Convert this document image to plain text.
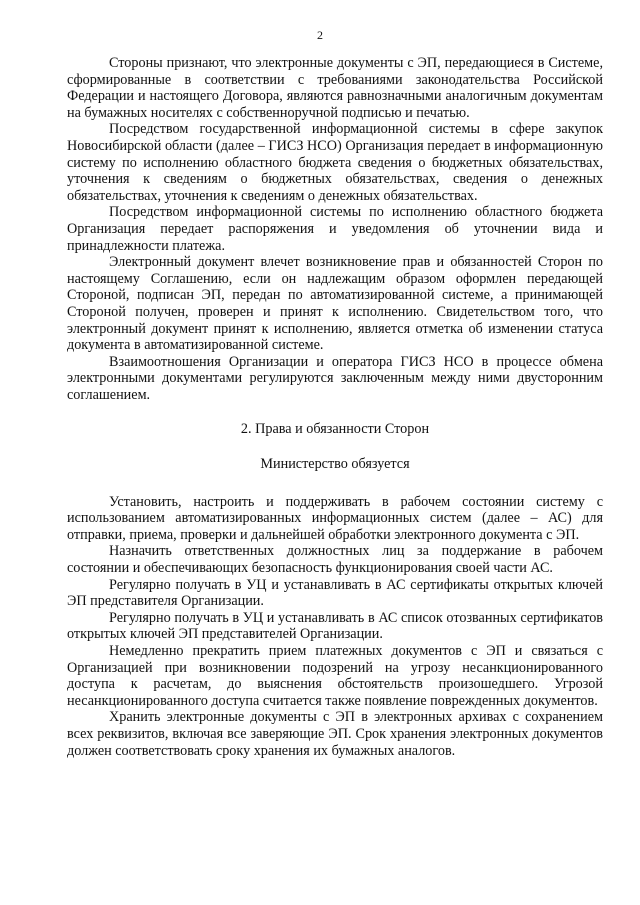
2

Стороны признают, что электронные документы с ЭП, передающиеся в Системе, сформированные в соответствии с требованиями законодательства Российской Федерации и настоящего Договора, являются равнозначными аналогичным документам на бумажных носителях с собственноручной подписью и печатью.

Посредством государственной информационной системы в сфере закупок Новосибирской области (далее – ГИСЗ НСО) Организация передает в информационную систему по исполнению областного бюджета сведения о бюджетных обязательствах, уточнения к сведениям о бюджетных обязательствах, сведения о денежных обязательствах, уточнения к сведениям о денежных обязательствах.

Посредством информационной системы по исполнению областного бюджета Организация передает распоряжения и уведомления об уточнении вида и принадлежности платежа.

Электронный документ влечет возникновение прав и обязанностей Сторон по настоящему Соглашению, если он надлежащим образом оформлен передающей Стороной, подписан ЭП, передан по автоматизированной системе, а принимающей Стороной получен, проверен и принят к исполнению. Свидетельством того, что электронный документ принят к исполнению, является отметка об изменении статуса документа в автоматизированной системе.

Взаимоотношения Организации и оператора ГИСЗ НСО в процессе обмена электронными документами регулируются заключенным между ними двусторонним соглашением.

2. Права и обязанности Сторон

Министерство обязуется

Установить, настроить и поддерживать в рабочем состоянии систему с использованием автоматизированных информационных систем (далее – АС) для отправки, приема, проверки и дальнейшей обработки электронного документа с ЭП.

Назначить ответственных должностных лиц за поддержание в рабочем состоянии и обеспечивающих безопасность функционирования своей части АС.

Регулярно получать в УЦ и устанавливать в АС сертификаты открытых ключей ЭП представителя Организации.

Регулярно получать в УЦ и устанавливать в АС список отозванных сертификатов открытых ключей ЭП представителей Организации.

Немедленно прекратить прием платежных документов с ЭП и связаться с Организацией при возникновении подозрений на угрозу несанкционированного доступа к расчетам, до выяснения обстоятельств произошедшего. Угрозой несанкционированного доступа считается также появление поврежденных документов.

Хранить электронные документы с ЭП в электронных архивах с сохранением всех реквизитов, включая все заверяющие ЭП. Срок хранения электронных документов должен соответствовать сроку хранения их бумажных аналогов.
